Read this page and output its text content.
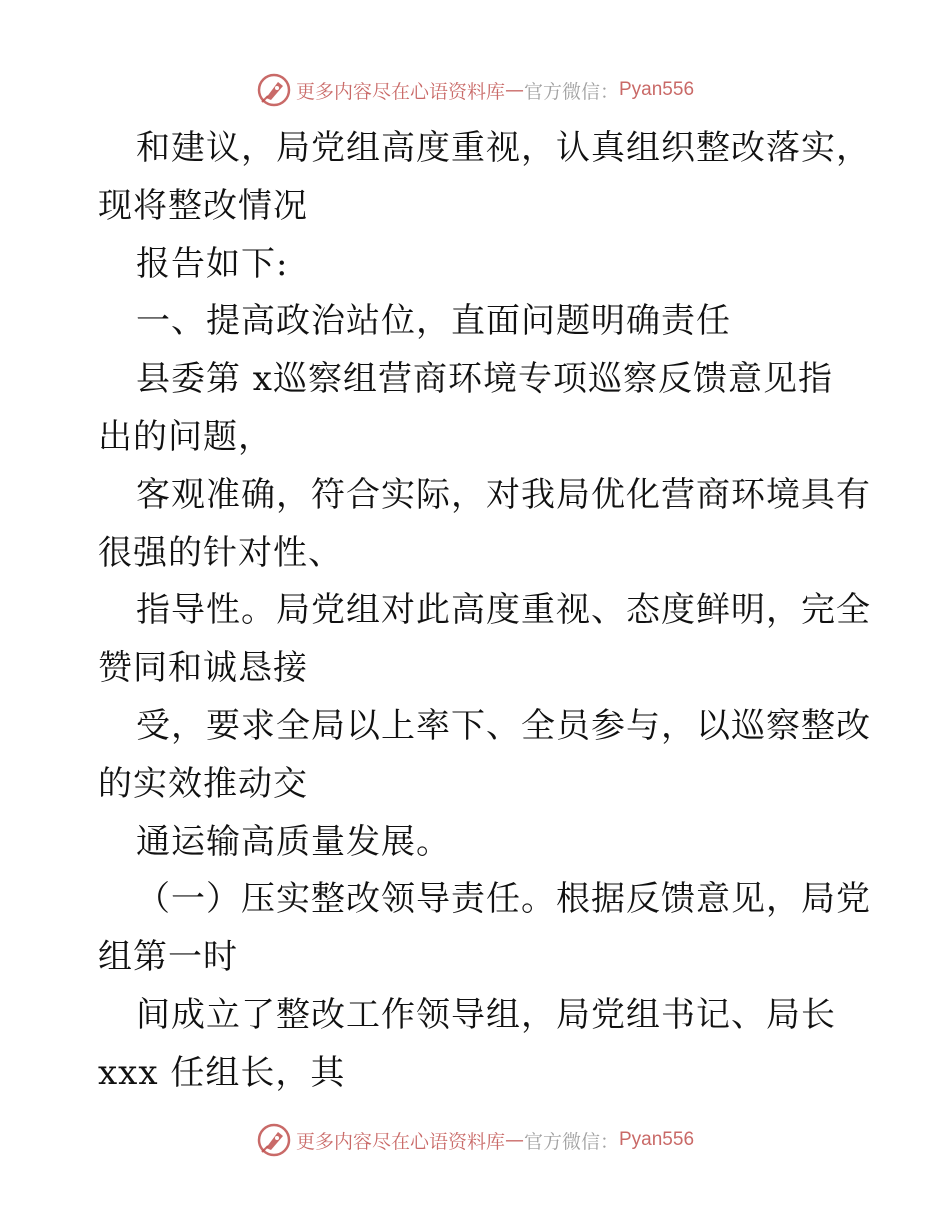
更多内容尽在心语资料库 — 官方微信： Pyan556
和建议，局党组高度重视，认真组织整改落实，
现将整改情况
报告如下:
一、提高政治站位，直面问题明确责任
县委第 x巡察组营商环境专项巡察反馈意见指
出的问题，
客观准确，符合实际，对我局优化营商环境具有
很强的针对性、
指导性。局党组对此高度重视、态度鲜明，完全
赞同和诚恳接
受，要求全局以上率下、全员参与，以巡察整改
的实效推动交
通运输高质量发展。
（一）压实整改领导责任。根据反馈意见，局党
组第一时
间成立了整改工作领导组，局党组书记、局长
xxx 任组长，其
更多内容尽在心语资料库 — 官方微信： Pyan556
